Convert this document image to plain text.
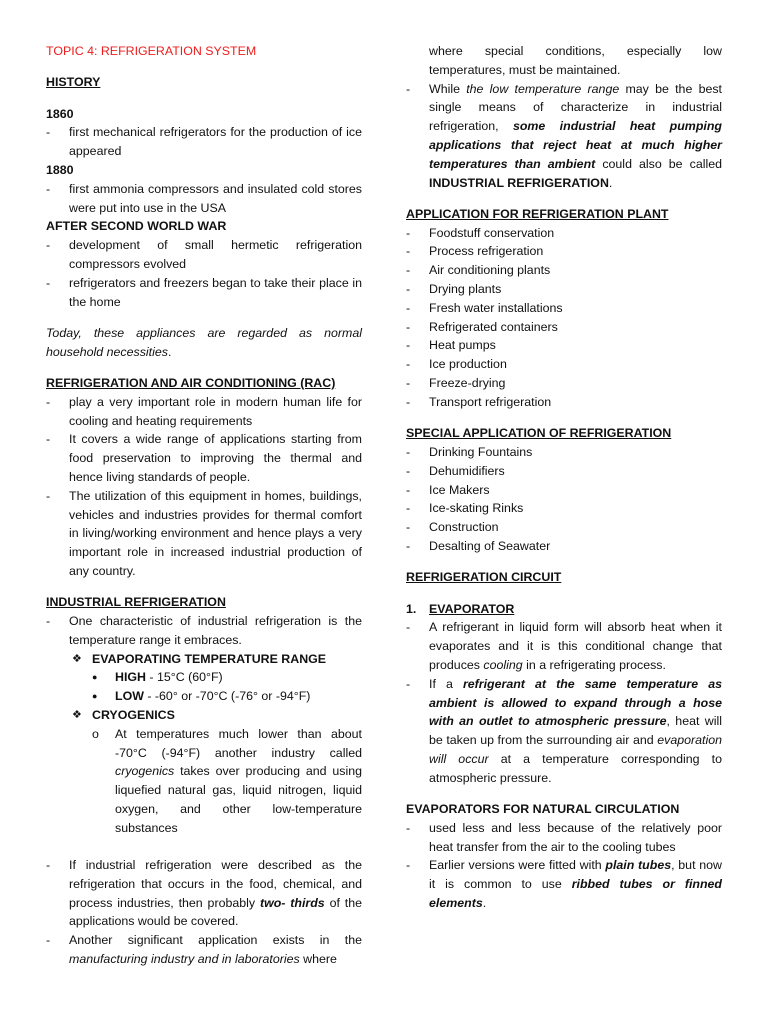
TOPIC 4: REFRIGERATION SYSTEM
HISTORY
1860
- first mechanical refrigerators for the production of ice appeared
1880
- first ammonia compressors and insulated cold stores were put into use in the USA
AFTER SECOND WORLD WAR
- development of small hermetic refrigeration compressors evolved
- refrigerators and freezers began to take their place in the home
Today, these appliances are regarded as normal household necessities.
REFRIGERATION AND AIR CONDITIONING (RAC)
- play a very important role in modern human life for cooling and heating requirements
- It covers a wide range of applications starting from food preservation to improving the thermal and hence living standards of people.
- The utilization of this equipment in homes, buildings, vehicles and industries provides for thermal comfort in living/working environment and hence plays a very important role in increased industrial production of any country.
INDUSTRIAL REFRIGERATION
- One characteristic of industrial refrigeration is the temperature range it embraces.
❖ EVAPORATING TEMPERATURE RANGE
● HIGH - 15°C (60°F)
● LOW - -60° or -70°C (-76° or -94°F)
❖ CRYOGENICS
o At temperatures much lower than about -70°C (-94°F) another industry called cryogenics takes over producing and using liquefied natural gas, liquid nitrogen, liquid oxygen, and other low-temperature substances
- If industrial refrigeration were described as the refrigeration that occurs in the food, chemical, and process industries, then probably two- thirds of the applications would be covered.
- Another significant application exists in the manufacturing industry and in laboratories where
where special conditions, especially low temperatures, must be maintained.
- While the low temperature range may be the best single means of characterize in industrial refrigeration, some industrial heat pumping applications that reject heat at much higher temperatures than ambient could also be called INDUSTRIAL REFRIGERATION.
APPLICATION FOR REFRIGERATION PLANT
- Foodstuff conservation
- Process refrigeration
- Air conditioning plants
- Drying plants
- Fresh water installations
- Refrigerated containers
- Heat pumps
- Ice production
- Freeze-drying
- Transport refrigeration
SPECIAL APPLICATION OF REFRIGERATION
- Drinking Fountains
- Dehumidifiers
- Ice Makers
- Ice-skating Rinks
- Construction
- Desalting of Seawater
REFRIGERATION CIRCUIT
1. EVAPORATOR
- A refrigerant in liquid form will absorb heat when it evaporates and it is this conditional change that produces cooling in a refrigerating process.
- If a refrigerant at the same temperature as ambient is allowed to expand through a hose with an outlet to atmospheric pressure, heat will be taken up from the surrounding air and evaporation will occur at a temperature corresponding to atmospheric pressure.
EVAPORATORS FOR NATURAL CIRCULATION
- used less and less because of the relatively poor heat transfer from the air to the cooling tubes
- Earlier versions were fitted with plain tubes, but now it is common to use ribbed tubes or finned elements.
